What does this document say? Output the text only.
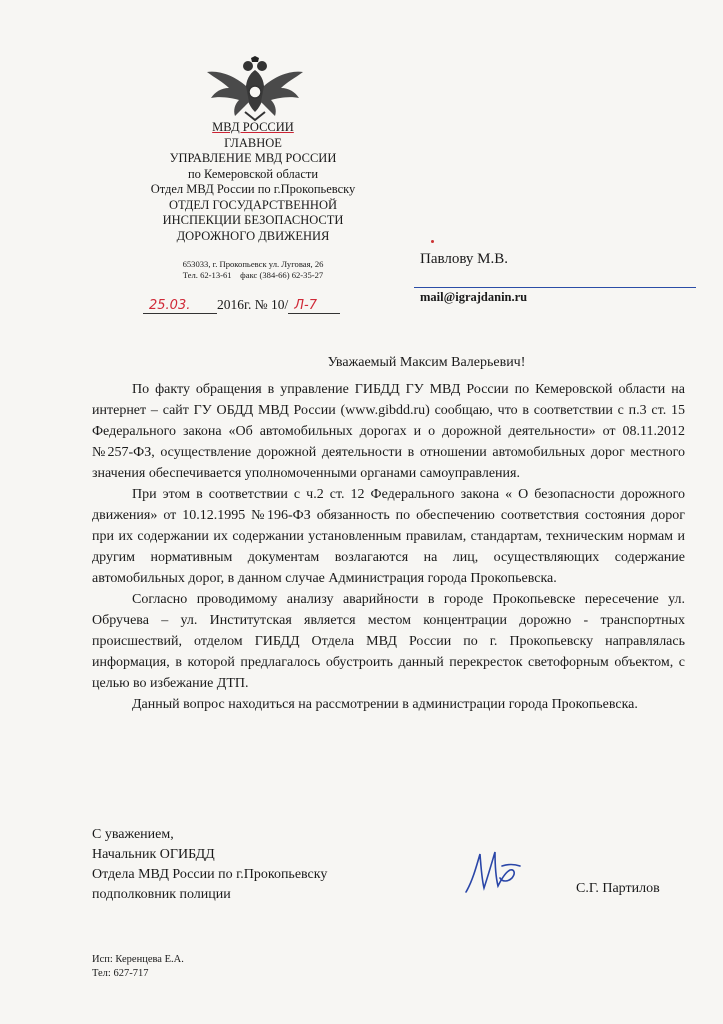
МВД РОССИИ
ГЛАВНОЕ
УПРАВЛЕНИЕ МВД РОССИИ
по Кемеровской области
Отдел МВД России по г.Прокопьевску
ОТДЕЛ ГОСУДАРСТВЕННОЙ
ИНСПЕКЦИИ БЕЗОПАСНОСТИ
ДОРОЖНОГО ДВИЖЕНИЯ
653033, г. Прокопьевск ул. Луговая, 26
Тел. 62-13-61    факс (384-66) 62-35-27
25.03. 2016г. № 10/ Л-7
Павлову М.В.
mail@igrajdanin.ru
Уважаемый Максим Валерьевич!

По факту обращения в управление ГИБДД ГУ МВД России по Кемеровской области на интернет – сайт ГУ ОБДД МВД России (www.gibdd.ru) сообщаю, что в соответствии с п.3 ст. 15 Федерального закона «Об автомобильных дорогах и о дорожной деятельности» от 08.11.2012 №257-ФЗ, осуществление дорожной деятельности в отношении автомобильных дорог местного значения обеспечивается уполномоченными органами самоуправления.

При этом в соответствии с ч.2 ст. 12 Федерального закона « О безопасности дорожного движения» от 10.12.1995 №196-ФЗ обязанность по обеспечению соответствия состояния дорог при их содержании их содержании установленным правилам, стандартам, техническим нормам и другим нормативным документам возлагаются на лиц, осуществляющих содержание автомобильных дорог, в данном случае Администрация города Прокопьевска.

Согласно проводимому анализу аварийности в городе Прокопьевске пересечение ул. Обручева – ул. Институтская является местом концентрации дорожно - транспортных происшествий, отделом ГИБДД Отдела МВД России по г. Прокопьевску направлялась информация, в которой предлагалось обустроить данный перекресток светофорным объектом, с целью во избежание ДТП.

Данный вопрос находиться на рассмотрении в администрации города Прокопьевска.

С уважением,
Начальник ОГИБДД
Отдела МВД России по г.Прокопьевску
подполковник полиции	С.Г. Партилов
Исп: Керенцева Е.А.
Тел: 627-717
